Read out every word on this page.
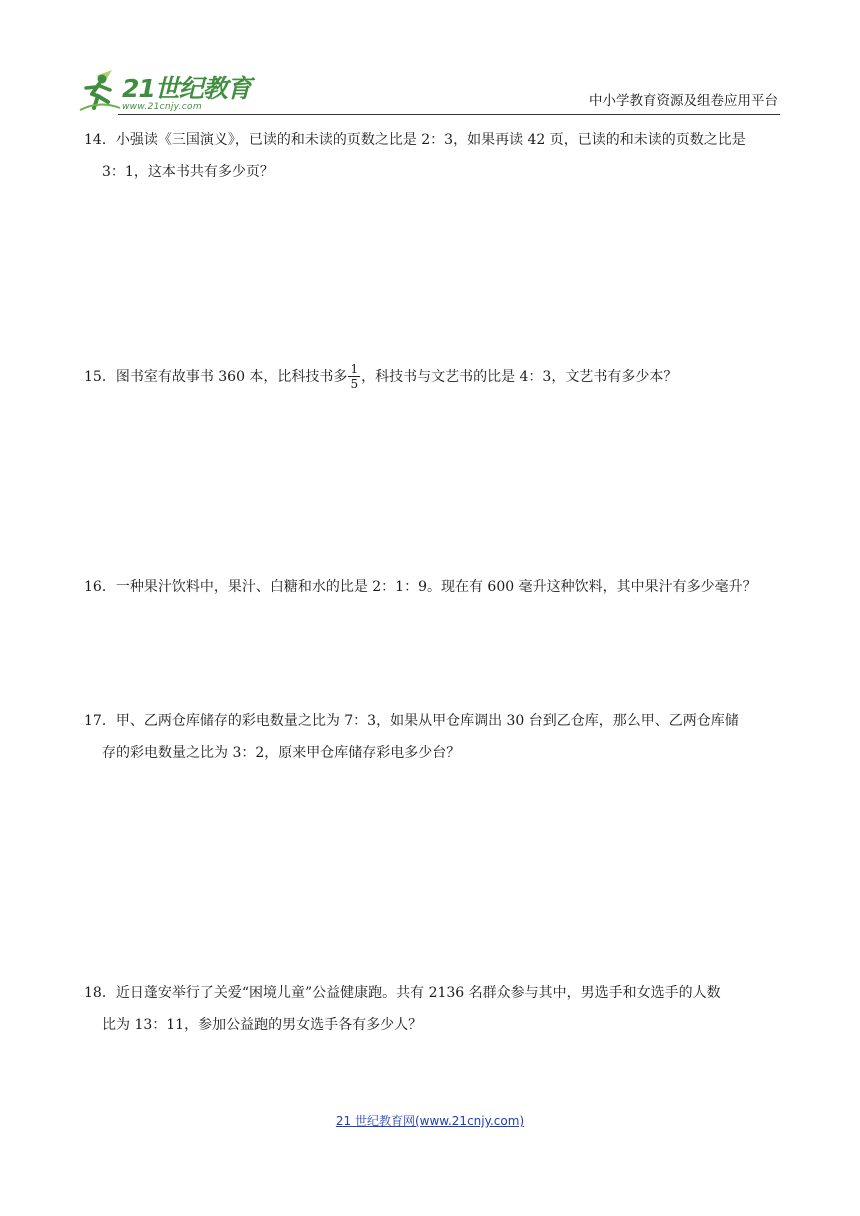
21世纪教育
www.21cnjy.com	中小学教育资源及组卷应用平台

14．小强读《三国演义》，已读的和未读的页数之比是 2：3，如果再读 42 页，已读的和未读的页数之比是

3：1，这本书共有多少页？

15．图书室有故事书 360 本，比科技书多 $\frac{1}{5}$ ，科技书与文艺书的比是 4：3，文艺书有多少本？

16．一种果汁饮料中，果汁、白糖和水的比是 2：1：9。现在有 600 毫升这种饮料，其中果汁有多少毫升？

17．甲、乙两仓库储存的彩电数量之比为 7：3，如果从甲仓库调出 30 台到乙仓库，那么甲、乙两仓库储

存的彩电数量之比为 3：2，原来甲仓库储存彩电多少台？

18．近日蓬安举行了关爱“困境儿童”公益健康跑。共有 2136 名群众参与其中，男选手和女选手的人数

比为 13：11，参加公益跑的男女选手各有多少人？

21 世纪教育网(www.21cnjy.com)
